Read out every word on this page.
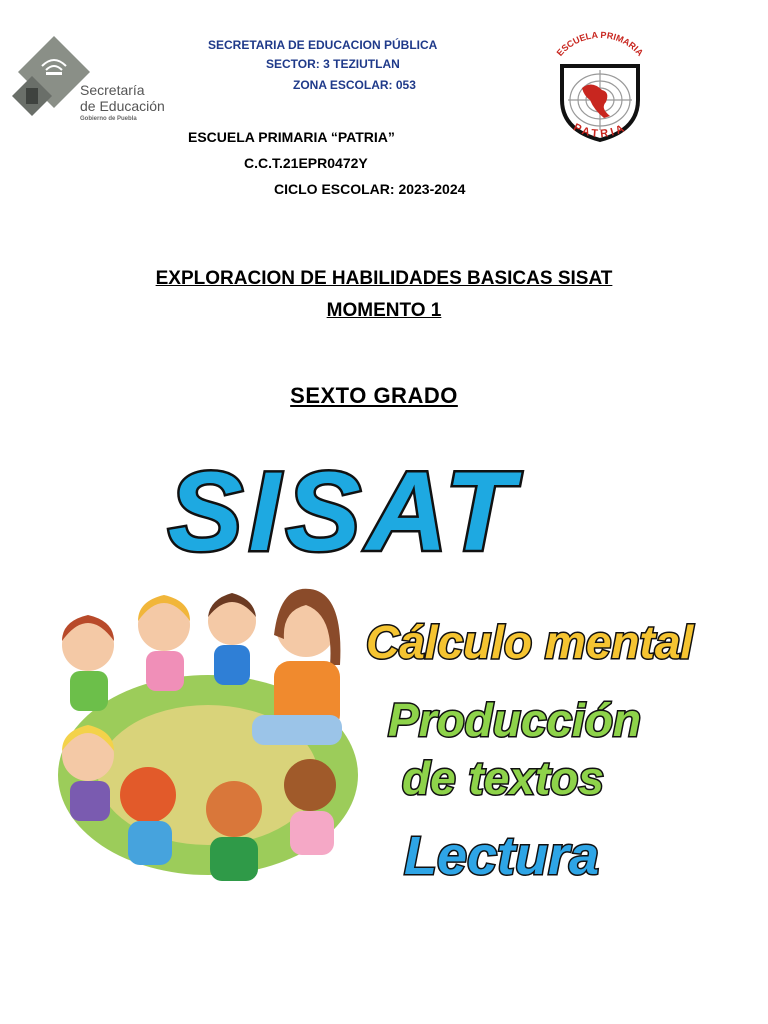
Secretaría
de Educación
Gobierno de Puebla
SECRETARIA DE EDUCACION PÚBLICA
SECTOR: 3 TEZIUTLAN
ZONA ESCOLAR: 053
ESCUELA PRIMARIA “PATRIA”
C.C.T.21EPR0472Y
CICLO ESCOLAR: 2023-2024
ESCUELA PRIMARIA
PATRIA
EXPLORACION DE HABILIDADES BASICAS SISAT
MOMENTO 1
SEXTO GRADO
SISAT
Cálculo mental
Producción
de textos
Lectura
